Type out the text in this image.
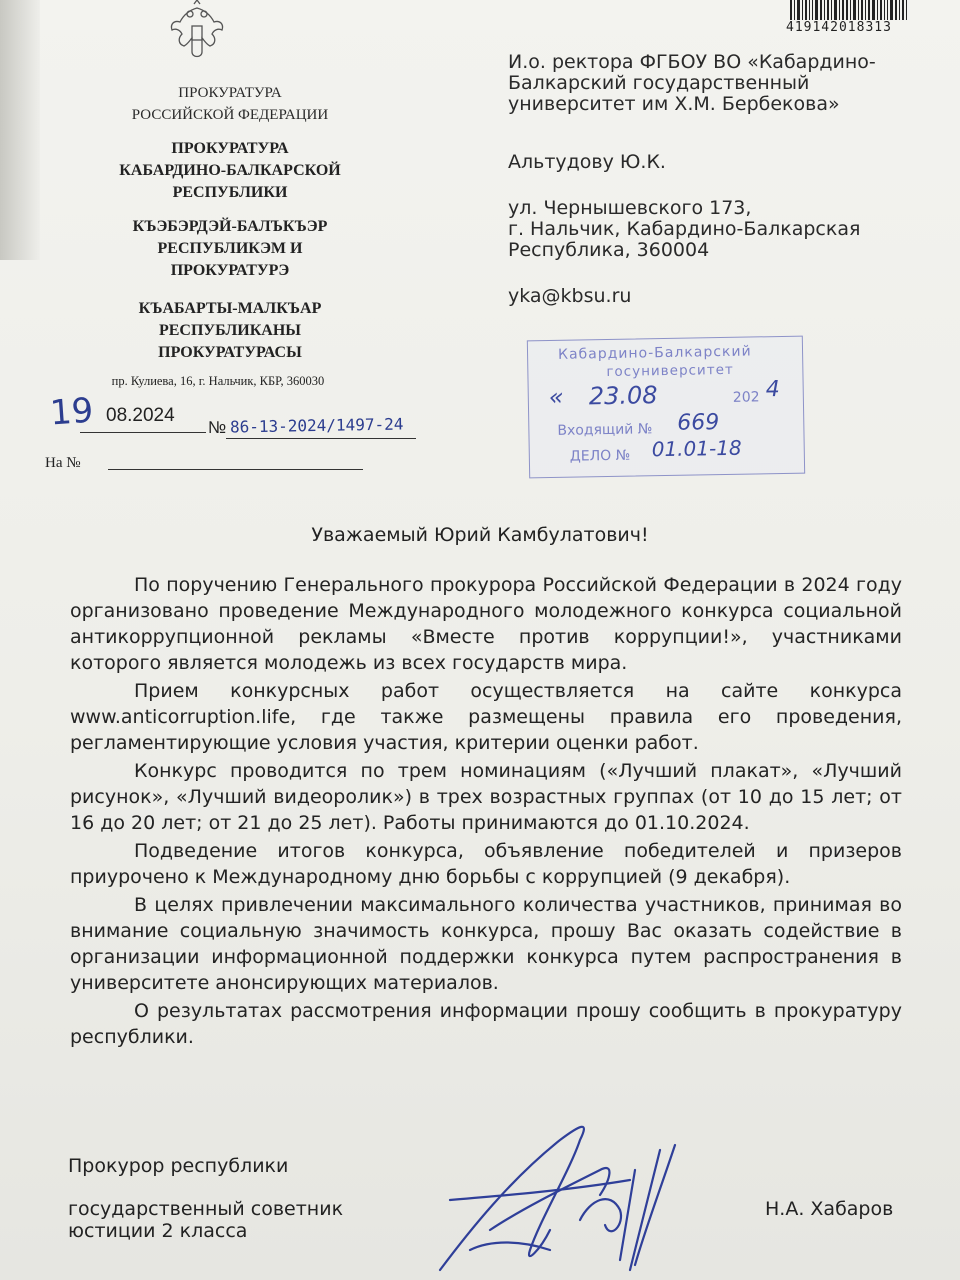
ПРОКУРАТУРА
РОССИЙСКОЙ ФЕДЕРАЦИИ
ПРОКУРАТУРА
КАБАРДИНО-БАЛКАРСКОЙ
РЕСПУБЛИКИ
КЪЭБЭРДЭЙ-БАЛЪКЪЭР
РЕСПУБЛИКЭМ И
ПРОКУРАТУРЭ
КЪАБАРТЫ-МАЛКЪАР
РЕСПУБЛИКАНЫ
ПРОКУРАТУРАСЫ
пр. Кулиева, 16, г. Нальчик, КБР, 360030
19 08.2024
№ 86-13-2024/1497-24
На №
419142018313
И.о. ректора ФГБОУ ВО «Кабардино-
Балкарский государственный
университет им Х.М. Бербекова»
Альтудову Ю.К.
ул. Чернышевского 173,
г. Нальчик, Кабардино-Балкарская
Республика, 360004
yka@kbsu.ru
Кабардино-Балкарский
госуниверситет
« 23.08	202 4
Входящий № 669
ДЕЛО № 01.01-18
Уважаемый Юрий Камбулатович!

По поручению Генерального прокурора Российской Федерации в 2024 году организовано проведение Международного молодежного конкурса социальной антикоррупционной рекламы «Вместе против коррупции!», участниками которого является молодежь из всех государств мира.

Прием конкурсных работ осуществляется на сайте конкурса www.anticorruption.life, где также размещены правила его проведения, регламентирующие условия участия, критерии оценки работ.

Конкурс проводится по трем номинациям («Лучший плакат», «Лучший рисунок», «Лучший видеоролик») в трех возрастных группах (от 10 до 15 лет; от 16 до 20 лет; от 21 до 25 лет). Работы принимаются до 01.10.2024.

Подведение итогов конкурса, объявление победителей и призеров приурочено к Международному дню борьбы с коррупцией (9 декабря).

В целях привлечении максимального количества участников, принимая во внимание социальную значимость конкурса, прошу Вас оказать содействие в организации информационной поддержки конкурса путем распространения в университете анонсирующих материалов.

О результатах рассмотрения информации прошу сообщить в прокуратуру республики.

Прокурор республики
государственный советник
юстиции 2 класса
Н.А. Хабаров
